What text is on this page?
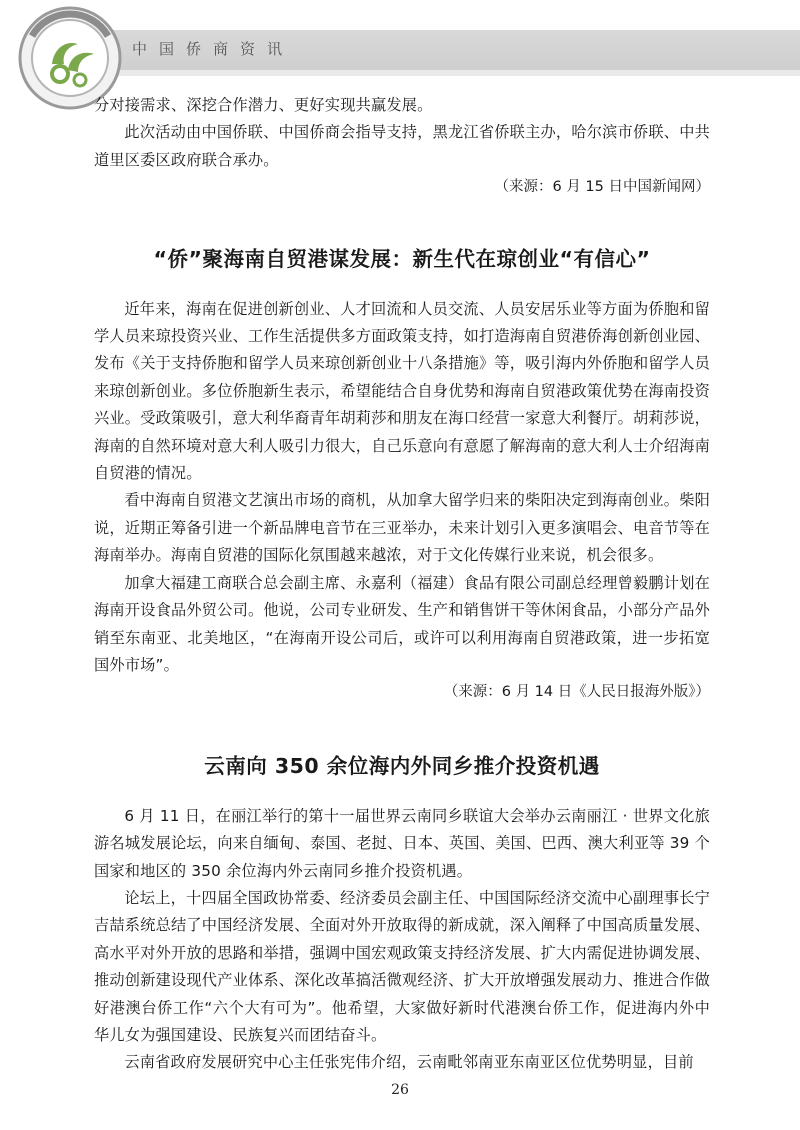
中国侨商资讯

分对接需求、深挖合作潜力、更好实现共赢发展。

此次活动由中国侨联、中国侨商会指导支持，黑龙江省侨联主办，哈尔滨市侨联、中共道里区委区政府联合承办。

（来源：6 月 15 日中国新闻网）

“侨”聚海南自贸港谋发展：新生代在琼创业“有信心”

近年来，海南在促进创新创业、人才回流和人员交流、人员安居乐业等方面为侨胞和留学人员来琼投资兴业、工作生活提供多方面政策支持，如打造海南自贸港侨海创新创业园、发布《关于支持侨胞和留学人员来琼创新创业十八条措施》等，吸引海内外侨胞和留学人员来琼创新创业。多位侨胞新生表示，希望能结合自身优势和海南自贸港政策优势在海南投资兴业。受政策吸引，意大利华裔青年胡莉莎和朋友在海口经营一家意大利餐厅。胡莉莎说，海南的自然环境对意大利人吸引力很大，自己乐意向有意愿了解海南的意大利人士介绍海南自贸港的情况。

看中海南自贸港文艺演出市场的商机，从加拿大留学归来的柴阳决定到海南创业。柴阳说，近期正筹备引进一个新品牌电音节在三亚举办，未来计划引入更多演唱会、电音节等在海南举办。海南自贸港的国际化氛围越来越浓，对于文化传媒行业来说，机会很多。

加拿大福建工商联合总会副主席、永嘉利（福建）食品有限公司副总经理曾毅鹏计划在海南开设食品外贸公司。他说，公司专业研发、生产和销售饼干等休闲食品，小部分产品外销至东南亚、北美地区，“在海南开设公司后，或许可以利用海南自贸港政策，进一步拓宽国外市场”。

（来源：6 月 14 日《人民日报海外版》）

云南向 350 余位海内外同乡推介投资机遇

6 月 11 日，在丽江举行的第十一届世界云南同乡联谊大会举办云南丽江 · 世界文化旅游名城发展论坛，向来自缅甸、泰国、老挝、日本、英国、美国、巴西、澳大利亚等 39 个国家和地区的 350 余位海内外云南同乡推介投资机遇。

论坛上，十四届全国政协常委、经济委员会副主任、中国国际经济交流中心副理事长宁吉喆系统总结了中国经济发展、全面对外开放取得的新成就，深入阐释了中国高质量发展、高水平对外开放的思路和举措，强调中国宏观政策支持经济发展、扩大内需促进协调发展、推动创新建设现代产业体系、深化改革搞活微观经济、扩大开放增强发展动力、推进合作做好港澳台侨工作“六个大有可为”。他希望，大家做好新时代港澳台侨工作，促进海内外中华儿女为强国建设、民族复兴而团结奋斗。

云南省政府发展研究中心主任张宪伟介绍，云南毗邻南亚东南亚区位优势明显，目前

26
